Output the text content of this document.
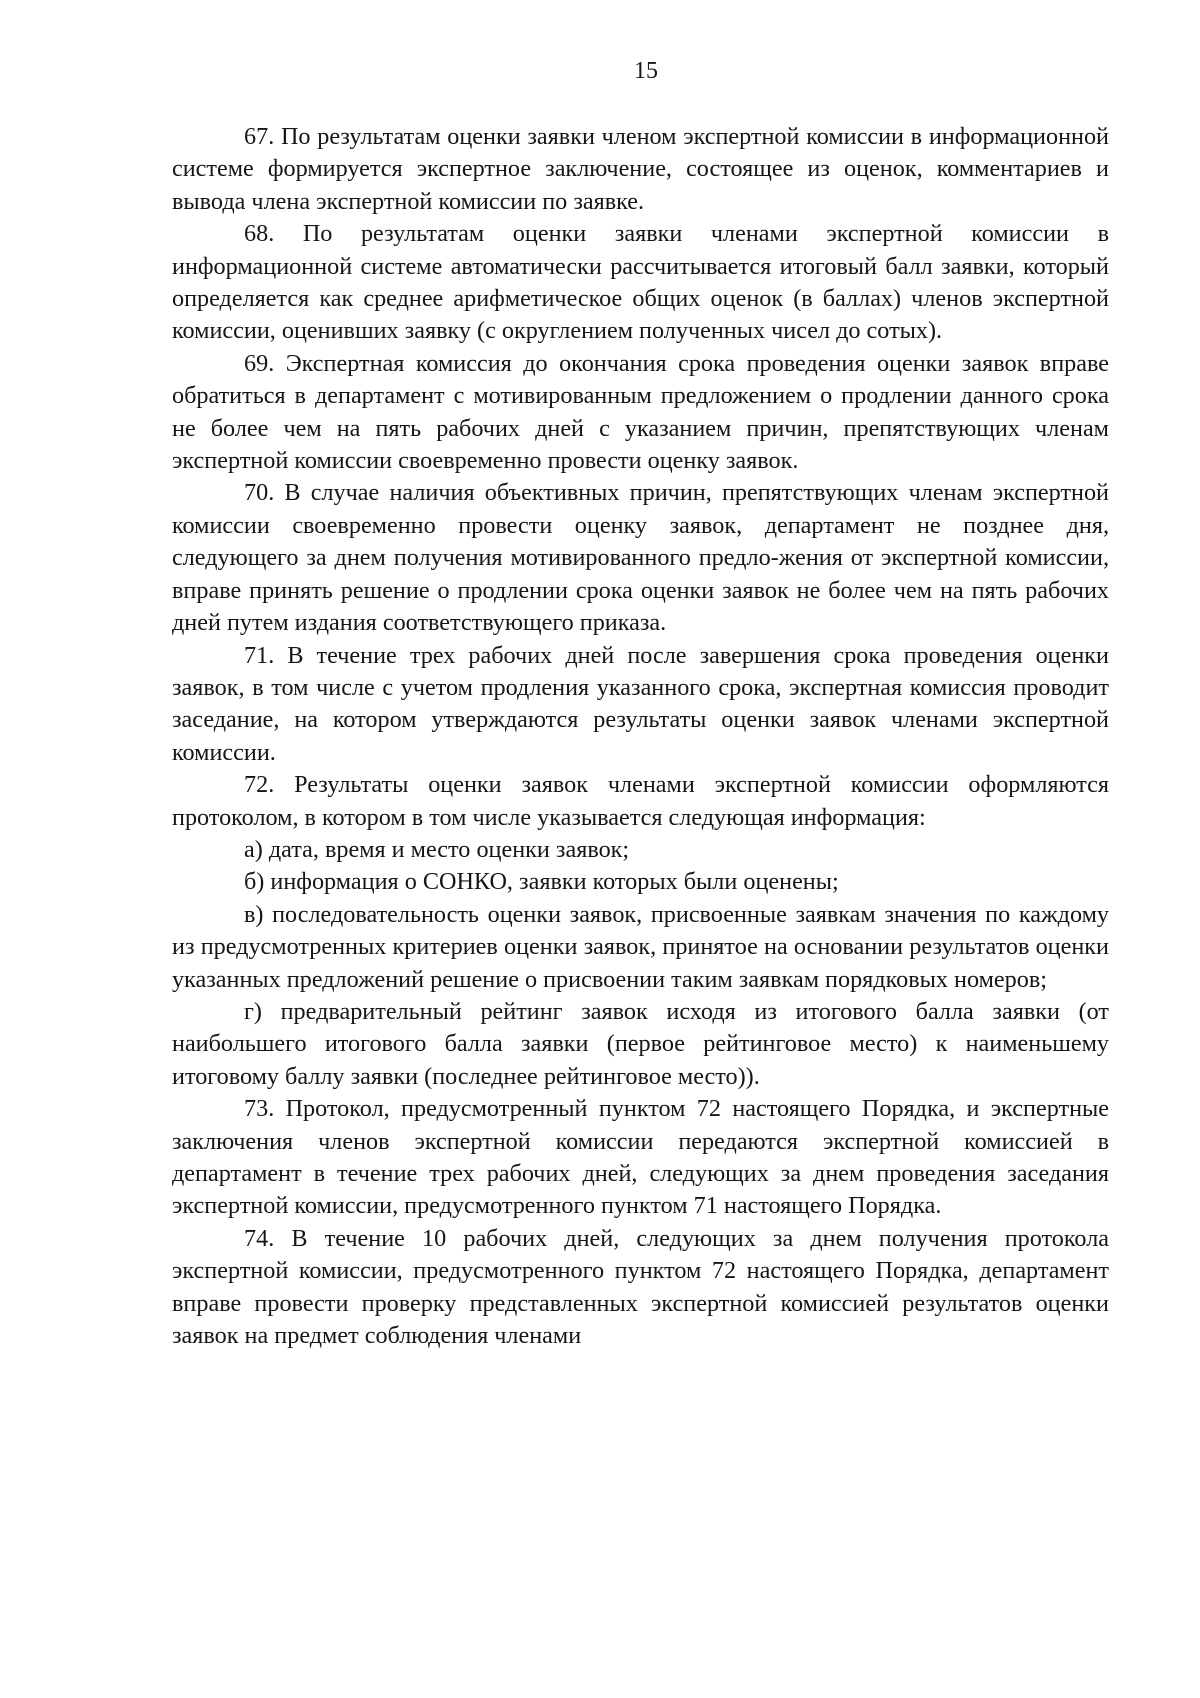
15

67. По результатам оценки заявки членом экспертной комиссии в информационной системе формируется экспертное заключение, состоящее из оценок, комментариев и вывода члена экспертной комиссии по заявке.

68. По результатам оценки заявки членами экспертной комиссии в информационной системе автоматически рассчитывается итоговый балл заявки, который определяется как среднее арифметическое общих оценок (в баллах) членов экспертной комиссии, оценивших заявку (с округлением полученных чисел до сотых).

69. Экспертная комиссия до окончания срока проведения оценки заявок вправе обратиться в департамент с мотивированным предложением о продлении данного срока не более чем на пять рабочих дней с указанием причин, препятствующих членам экспертной комиссии своевременно провести оценку заявок.

70. В случае наличия объективных причин, препятствующих членам экспертной комиссии своевременно провести оценку заявок, департамент не позднее дня, следующего за днем получения мотивированного предло-жения от экспертной комиссии, вправе принять решение о продлении срока оценки заявок не более чем на пять рабочих дней путем издания соответствующего приказа.

71. В течение трех рабочих дней после завершения срока проведения оценки заявок, в том числе с учетом продления указанного срока, экспертная комиссия проводит заседание, на котором утверждаются результаты оценки заявок членами экспертной комиссии.

72. Результаты оценки заявок членами экспертной комиссии оформляются протоколом, в котором в том числе указывается следующая информация:

а) дата, время и место оценки заявок;

б) информация о СОНКО, заявки которых были оценены;

в) последовательность оценки заявок, присвоенные заявкам значения по каждому из предусмотренных критериев оценки заявок, принятое на основании результатов оценки указанных предложений решение о присвоении таким заявкам порядковых номеров;

г) предварительный рейтинг заявок исходя из итогового балла заявки (от наибольшего итогового балла заявки (первое рейтинговое место) к наименьшему итоговому баллу заявки (последнее рейтинговое место)).

73. Протокол, предусмотренный пунктом 72 настоящего Порядка, и экспертные заключения членов экспертной комиссии передаются экспертной комиссией в департамент в течение трех рабочих дней, следующих за днем проведения заседания экспертной комиссии, предусмотренного пунктом 71 настоящего Порядка.

74. В течение 10 рабочих дней, следующих за днем получения протокола экспертной комиссии, предусмотренного пунктом 72 настоящего Порядка, департамент вправе провести проверку представленных экспертной комиссией результатов оценки заявок на предмет соблюдения членами
